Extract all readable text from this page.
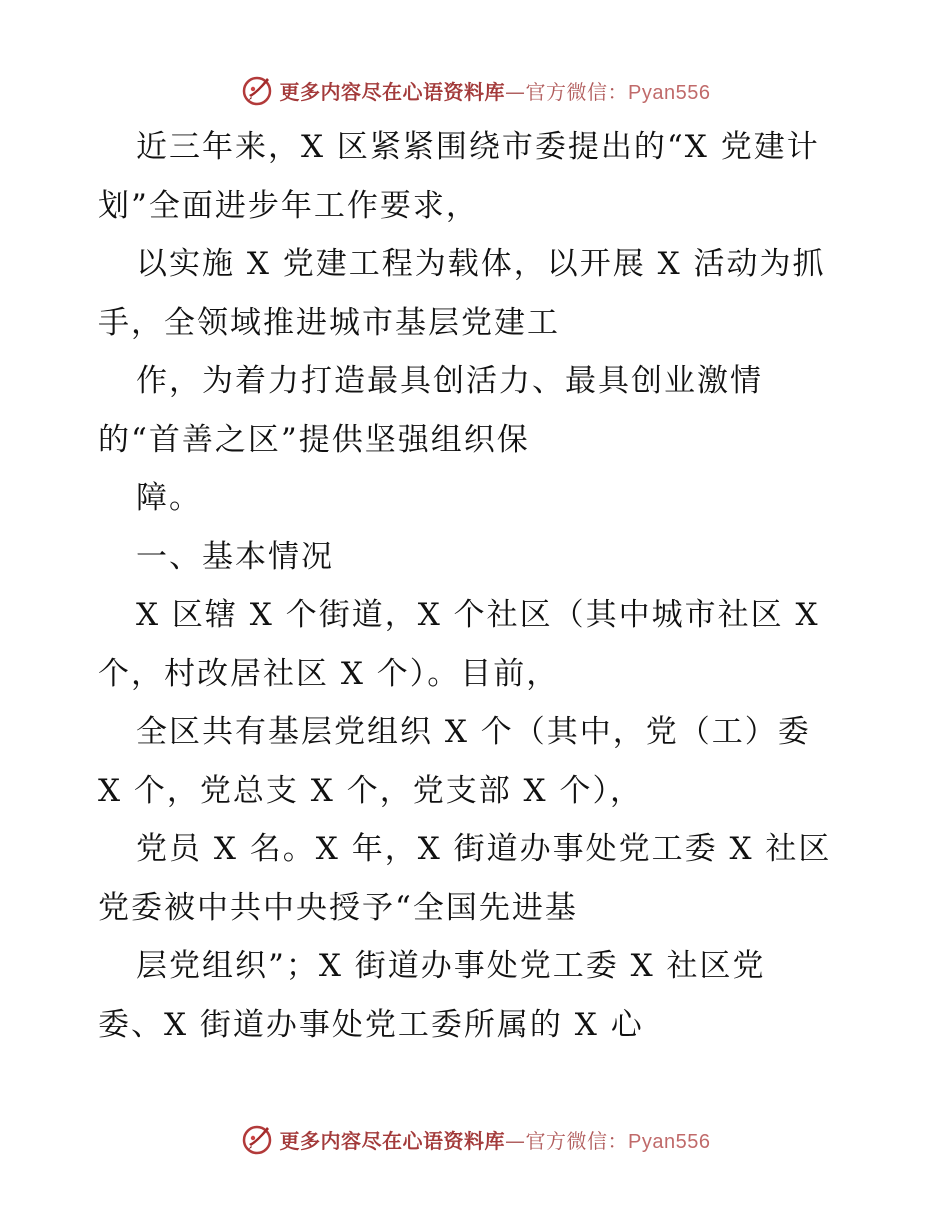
更多内容尽在心语资料库—官方微信：Pyan556
近三年来，X 区紧紧围绕市委提出的“X 党建计
划”全面进步年工作要求，
以实施 X 党建工程为载体，以开展 X 活动为抓
手，全领域推进城市基层党建工
作，为着力打造最具创活力、最具创业激情
的“首善之区”提供坚强组织保
障。
一、基本情况
X 区辖 X 个街道，X 个社区（其中城市社区 X
个，村改居社区 X 个）。目前，
全区共有基层党组织 X 个（其中，党（工）委
X 个，党总支 X 个，党支部 X 个），
党员 X 名。X 年，X 街道办事处党工委 X 社区
党委被中共中央授予“全国先进基
层党组织”；X 街道办事处党工委 X 社区党
委、X 街道办事处党工委所属的 X 心
更多内容尽在心语资料库—官方微信：Pyan556
